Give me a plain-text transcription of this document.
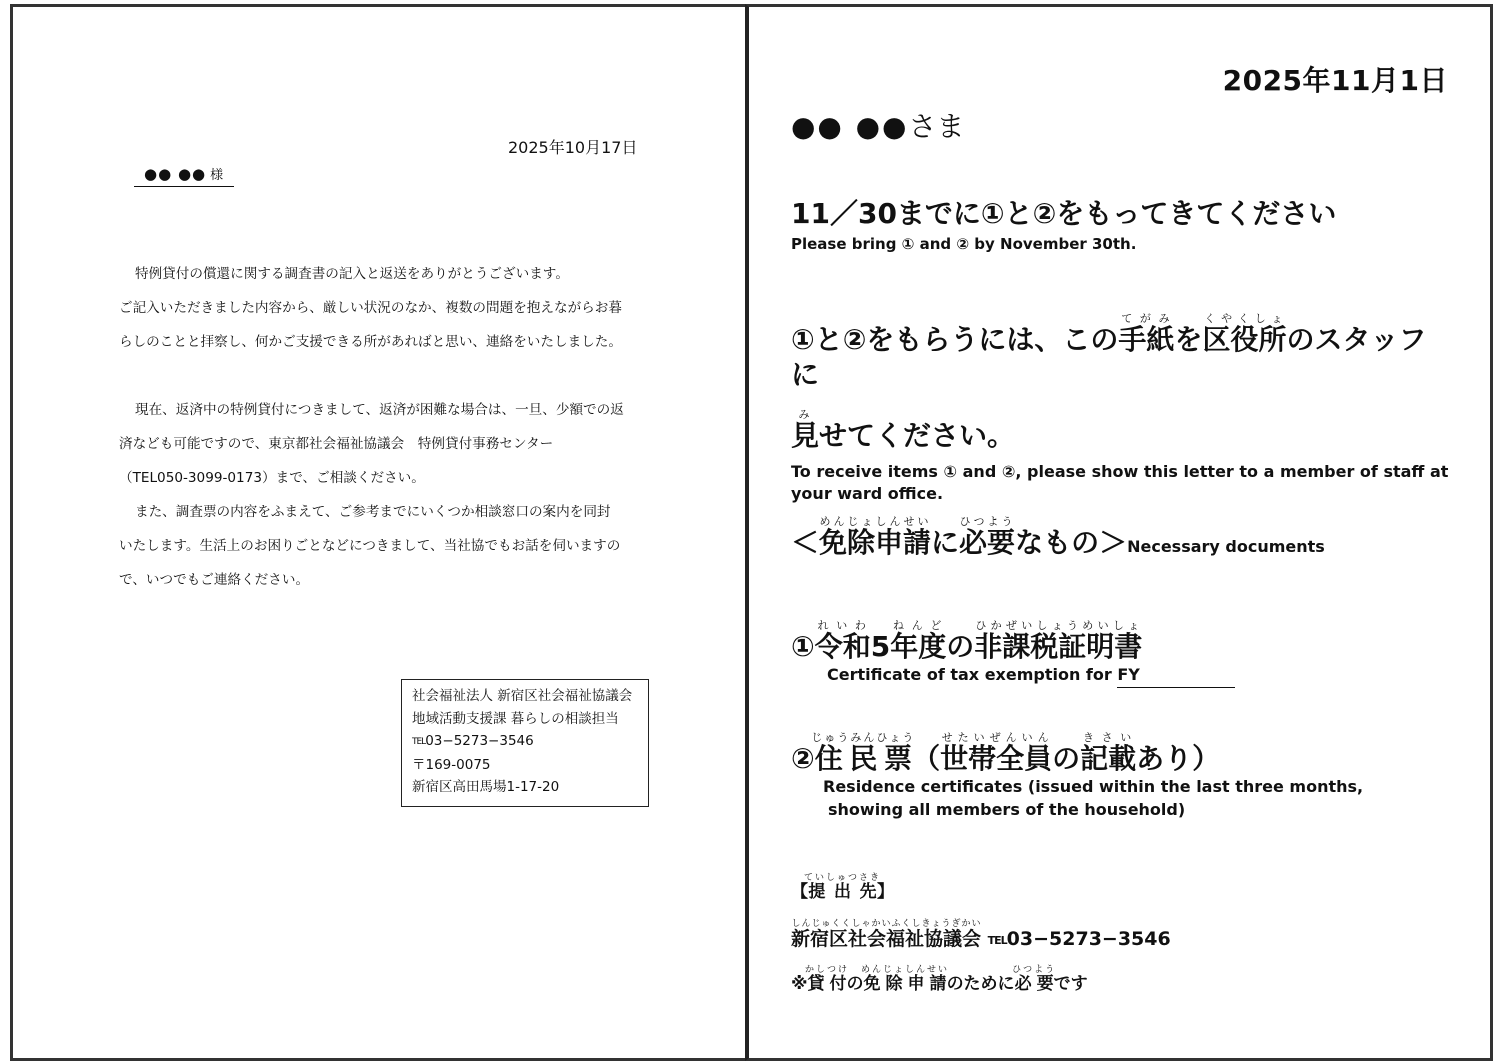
2025年10月17日
●● ●● 様

特例貸付の償還に関する調査書の記入と返送をありがとうございます。

ご記入いただきました内容から、厳しい状況のなか、複数の問題を抱えながらお暮

らしのことと拝察し、何かご支援できる所があればと思い、連絡をいたしました。

現在、返済中の特例貸付につきまして、返済が困難な場合は、一旦、少額での返

済なども可能ですので、東京都社会福祉協議会　特例貸付事務センター

（TEL050-3099-0173）まで、ご相談ください。

また、調査票の内容をふまえて、ご参考までにいくつか相談窓口の案内を同封

いたします。生活上のお困りごとなどにつきまして、当社協でもお話を伺いますの

で、いつでもご連絡ください。

社会福祉法人 新宿区社会福祉協議会
地域活動支援課 暮らしの相談担当
TEL03−5273−3546
〒169-0075
新宿区高田馬場1-17-20
2025年11月1日
●● ●●さま

11／30までに①と②をもってきてください

Please bring ① and ② by November 30th.

①と②をもらうには、この手紙てがみを区役所くやくしょのスタッフに

見みせてください。

To receive items ① and ②, please show this letter to a member of staff at your ward office.

＜免除申請めんじょしんせいに必要ひつようなもの＞Necessary documents

①令和れいわ5年度ねんどの非課税証明書ひかぜいしょうめいしょ

Certificate of tax exemption for FY

②住民票じゅうみんひょう（世帯全員せたいぜんいんの記載きさいあり）

Residence certificates (issued within the last three months,

showing all members of the household)

【提出先ていしゅつさき】

新宿区社会福祉協議会しんじゅくくしゃかいふくしきょうぎかい TEL03−5273−3546

※貸付かしつけの免除申請めんじょしんせいのために必要ひつようです
